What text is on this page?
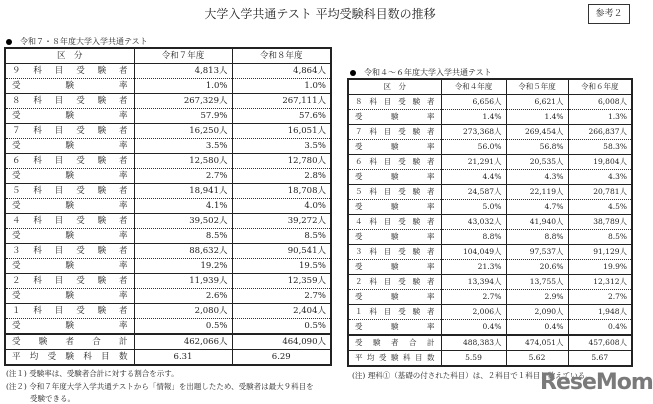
大学入学共通テスト 平均受験科目数の推移	参考２
令和７・８年度大学入学共通テスト
区　分	令和７年度	令和８年度
９科目受験者	4,813人	4,864人
受験率	1.0%	1.0%
８科目受験者	267,329人	267,111人
受験率	57.9%	57.6%
７科目受験者	16,250人	16,051人
受験率	3.5%	3.5%
６科目受験者	12,580人	12,780人
受験率	2.7%	2.8%
５科目受験者	18,941人	18,708人
受験率	4.1%	4.0%
４科目受験者	39,502人	39,272人
受験率	8.5%	8.5%
３科目受験者	88,632人	90,541人
受験率	19.2%	19.5%
２科目受験者	11,939人	12,359人
受験率	2.6%	2.7%
１科目受験者	2,080人	2,404人
受験率	0.5%	0.5%
受験者合計	462,066人	464,090人
平均受験科目数	6.31	6.29
(注１) 受験率は、受験者合計に対する割合を示す。
(注２) 令和７年度大学入学共通テストから「情報」を出題したため、受験者は最大９科目を
受験できる。
令和４～６年度大学入学共通テスト
区　分	令和４年度	令和５年度	令和６年度
８科目受験者	6,656人	6,621人	6,008人
受験率	1.4%	1.4%	1.3%
７科目受験者	273,368人	269,454人	266,837人
受験率	56.0%	56.8%	58.3%
６科目受験者	21,291人	20,535人	19,804人
受験率	4.4%	4.3%	4.3%
５科目受験者	24,587人	22,119人	20,781人
受験率	5.0%	4.7%	4.5%
４科目受験者	43,032人	41,940人	38,789人
受験率	8.8%	8.8%	8.5%
３科目受験者	104,049人	97,537人	91,129人
受験率	21.3%	20.6%	19.9%
２科目受験者	13,394人	13,755人	12,312人
受験率	2.7%	2.9%	2.7%
１科目受験者	2,006人	2,090人	1,948人
受験率	0.4%	0.4%	0.4%
受験者合計	488,383人	474,051人	457,608人
平均受験科目数	5.59	5.62	5.67
(注) 理科①（基礎の付された科目）は、２科目で１科目と数えている。
ReseMom
